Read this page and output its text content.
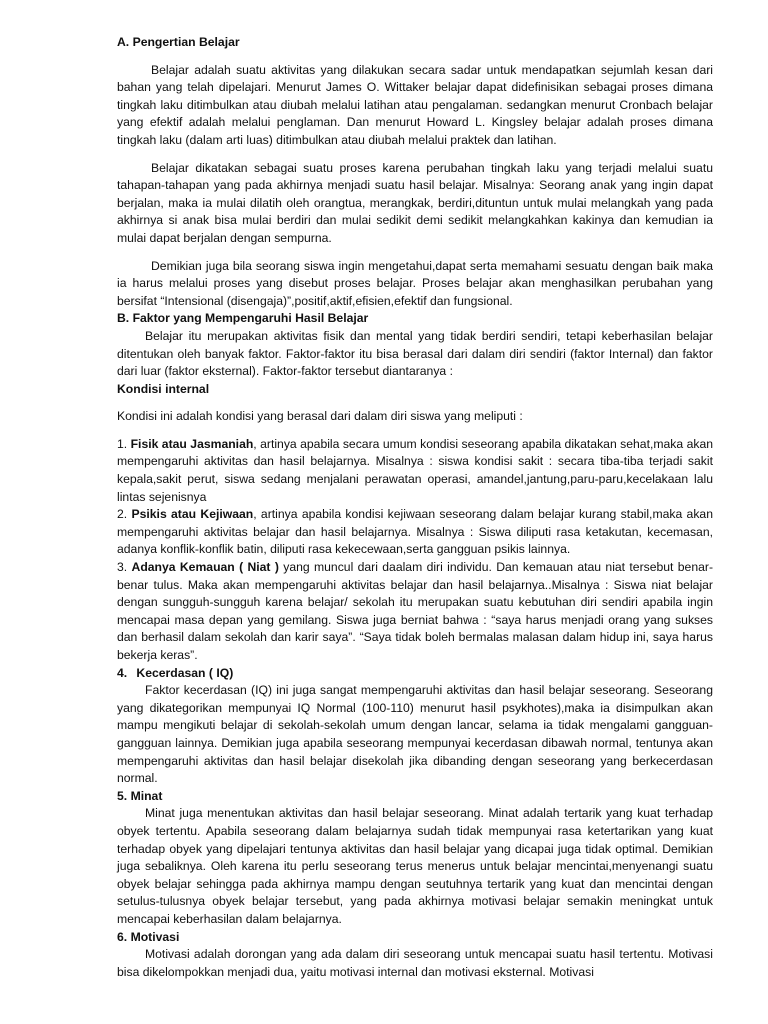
A. Pengertian Belajar

Belajar adalah suatu aktivitas yang dilakukan secara sadar untuk mendapatkan sejumlah kesan dari bahan yang telah dipelajari. Menurut James O. Wittaker belajar dapat didefinisikan sebagai proses dimana tingkah laku ditimbulkan atau diubah melalui latihan atau pengalaman. sedangkan menurut Cronbach belajar yang efektif adalah melalui penglaman. Dan menurut Howard L. Kingsley belajar adalah proses dimana tingkah laku (dalam arti luas) ditimbulkan atau diubah melalui praktek dan latihan.

Belajar dikatakan sebagai suatu proses karena perubahan tingkah laku yang terjadi melalui suatu tahapan-tahapan yang pada akhirnya menjadi suatu hasil belajar. Misalnya: Seorang anak yang ingin dapat berjalan, maka ia mulai dilatih oleh orangtua, merangkak, berdiri,dituntun untuk mulai melangkah yang pada akhirnya si anak bisa mulai berdiri dan mulai sedikit demi sedikit melangkahkan kakinya dan kemudian ia mulai dapat berjalan dengan sempurna.

Demikian juga bila seorang siswa ingin mengetahui,dapat serta memahami sesuatu dengan baik maka ia harus melalui proses yang disebut proses belajar. Proses belajar akan menghasilkan perubahan yang bersifat “Intensional (disengaja)”,positif,aktif,efisien,efektif dan fungsional.

B. Faktor yang Mempengaruhi Hasil Belajar

Belajar itu merupakan aktivitas fisik dan mental yang tidak berdiri sendiri, tetapi keberhasilan belajar ditentukan oleh banyak faktor. Faktor-faktor itu bisa berasal dari dalam diri sendiri (faktor Internal) dan faktor dari luar (faktor eksternal). Faktor-faktor tersebut diantaranya :

Kondisi internal

Kondisi ini adalah kondisi yang berasal dari dalam diri siswa yang meliputi :

1. Fisik atau Jasmaniah, artinya apabila secara umum kondisi seseorang apabila dikatakan sehat,maka akan mempengaruhi aktivitas dan hasil belajarnya. Misalnya : siswa kondisi sakit : secara tiba-tiba terjadi sakit kepala,sakit perut, siswa sedang menjalani perawatan operasi, amandel,jantung,paru-paru,kecelakaan lalu lintas sejenisnya

2. Psikis atau Kejiwaan, artinya apabila kondisi kejiwaan seseorang dalam belajar kurang stabil,maka akan mempengaruhi aktivitas belajar dan hasil belajarnya. Misalnya : Siswa diliputi rasa ketakutan, kecemasan, adanya konflik-konflik batin, diliputi rasa kekecewaan,serta gangguan psikis lainnya.

3. Adanya Kemauan ( Niat ) yang muncul dari daalam diri individu. Dan kemauan atau niat tersebut benar-benar tulus. Maka akan mempengaruhi aktivitas belajar dan hasil belajarnya..Misalnya : Siswa niat belajar dengan sungguh-sungguh karena belajar/ sekolah itu merupakan suatu kebutuhan diri sendiri apabila ingin mencapai masa depan yang gemilang. Siswa juga berniat bahwa : “saya harus menjadi orang yang sukses dan berhasil dalam sekolah dan karir saya”. “Saya tidak boleh bermalas malasan dalam hidup ini, saya harus bekerja keras”.

4. Kecerdasan ( IQ)

Faktor kecerdasan (IQ) ini juga sangat mempengaruhi aktivitas dan hasil belajar seseorang. Seseorang yang dikategorikan mempunyai IQ Normal (100-110) menurut hasil psykhotes),maka ia disimpulkan akan mampu mengikuti belajar di sekolah-sekolah umum dengan lancar, selama ia tidak mengalami gangguan-gangguan lainnya. Demikian juga apabila seseorang mempunyai kecerdasan dibawah normal, tentunya akan mempengaruhi aktivitas dan hasil belajar disekolah jika dibanding dengan seseorang yang berkecerdasan normal.

5. Minat

Minat juga menentukan aktivitas dan hasil belajar seseorang. Minat adalah tertarik yang kuat terhadap obyek tertentu. Apabila seseorang dalam belajarnya sudah tidak mempunyai rasa ketertarikan yang kuat terhadap obyek yang dipelajari tentunya aktivitas dan hasil belajar yang dicapai juga tidak optimal. Demikian juga sebaliknya. Oleh karena itu perlu seseorang terus menerus untuk belajar mencintai,menyenangi suatu obyek belajar sehingga pada akhirnya mampu dengan seutuhnya tertarik yang kuat dan mencintai dengan setulus-tulusnya obyek belajar tersebut, yang pada akhirnya motivasi belajar semakin meningkat untuk mencapai keberhasilan dalam belajarnya.

6. Motivasi

Motivasi adalah dorongan yang ada dalam diri seseorang untuk mencapai suatu hasil tertentu. Motivasi bisa dikelompokkan menjadi dua, yaitu motivasi internal dan motivasi eksternal. Motivasi
